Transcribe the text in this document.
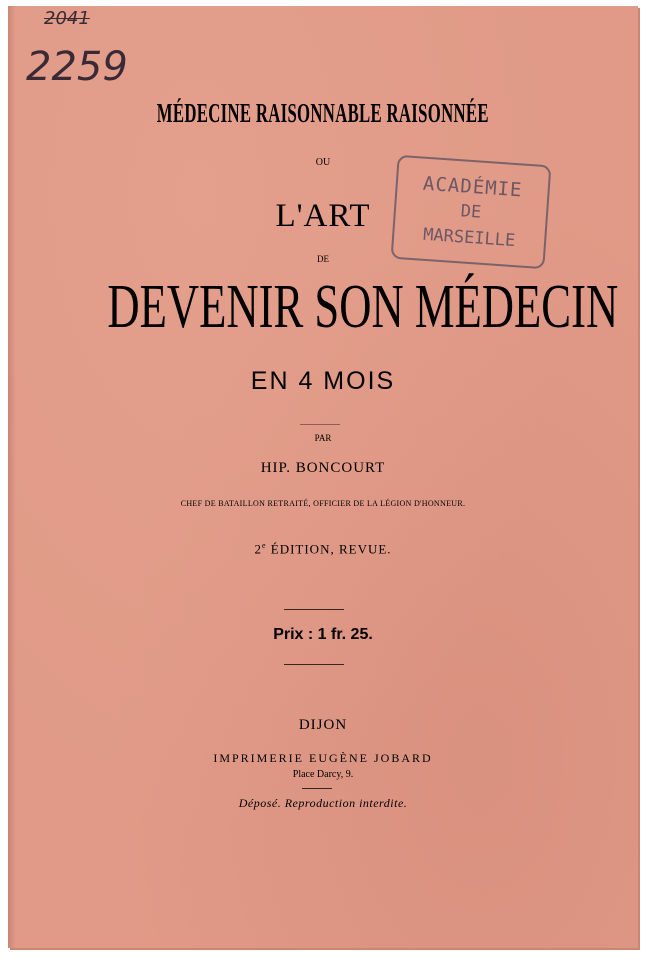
2041
2259
ACADÉMIE
DE
MARSEILLE
MÉDECINE RAISONNABLE RAISONNÉE
OU
L'ART
DE
DEVENIR SON MÉDECIN
EN 4 MOIS
PAR
HIP. BONCOURT
CHEF DE BATAILLON RETRAITÉ, OFFICIER DE LA LÉGION D'HONNEUR.
2e ÉDITION, REVUE.
Prix : 1 fr. 25.
DIJON
IMPRIMERIE EUGÈNE JOBARD
Place Darcy, 9.
Déposé. Reproduction interdite.
